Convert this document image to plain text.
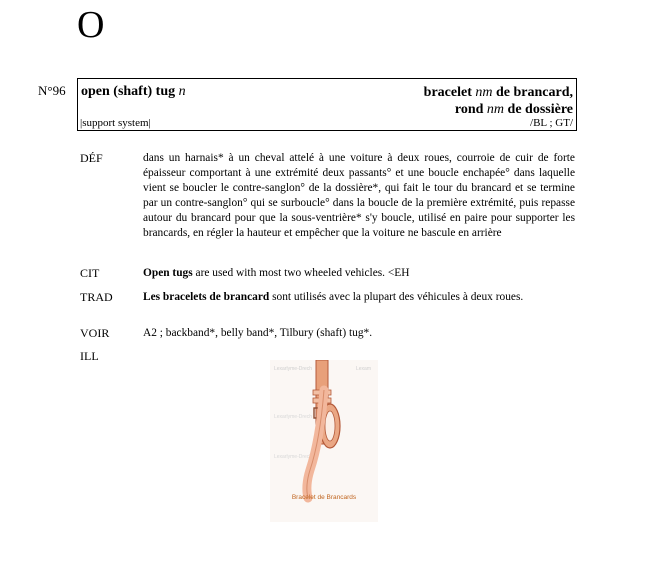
O
N°96 open (shaft) tug n	bracelet nm de brancard,
rond nm de dossière
|support system|	/BL ; GT/
DÉF	dans un harnais* à un cheval attelé à une voiture à deux roues, courroie de cuir de forte épaisseur comportant à une extrémité deux passants° et une boucle enchapée° dans laquelle vient se boucler le contre-sanglon° de la dossière*, qui fait le tour du brancard et se termine par un contre-sanglon° qui se surboucle° dans la boucle de la première extrémité, puis repasse autour du brancard pour que la sous-ventrière* s'y boucle, utilisé en paire pour supporter les brancards, en régler la hauteur et empêcher que la voiture ne bascule en arrière
CIT	Open tugs are used with most two wheeled vehicles. <EH
TRAD	Les bracelets de brancard sont utilisés avec la plupart des véhicules à deux roues.
VOIR	A2 ; backband*, belly band*, Tilbury (shaft) tug*.
ILL
Lexarlyme-Drech	Lexam
Lexarlyme-Drech
Lexarlyme-Drech
Bracelet de Brancards
